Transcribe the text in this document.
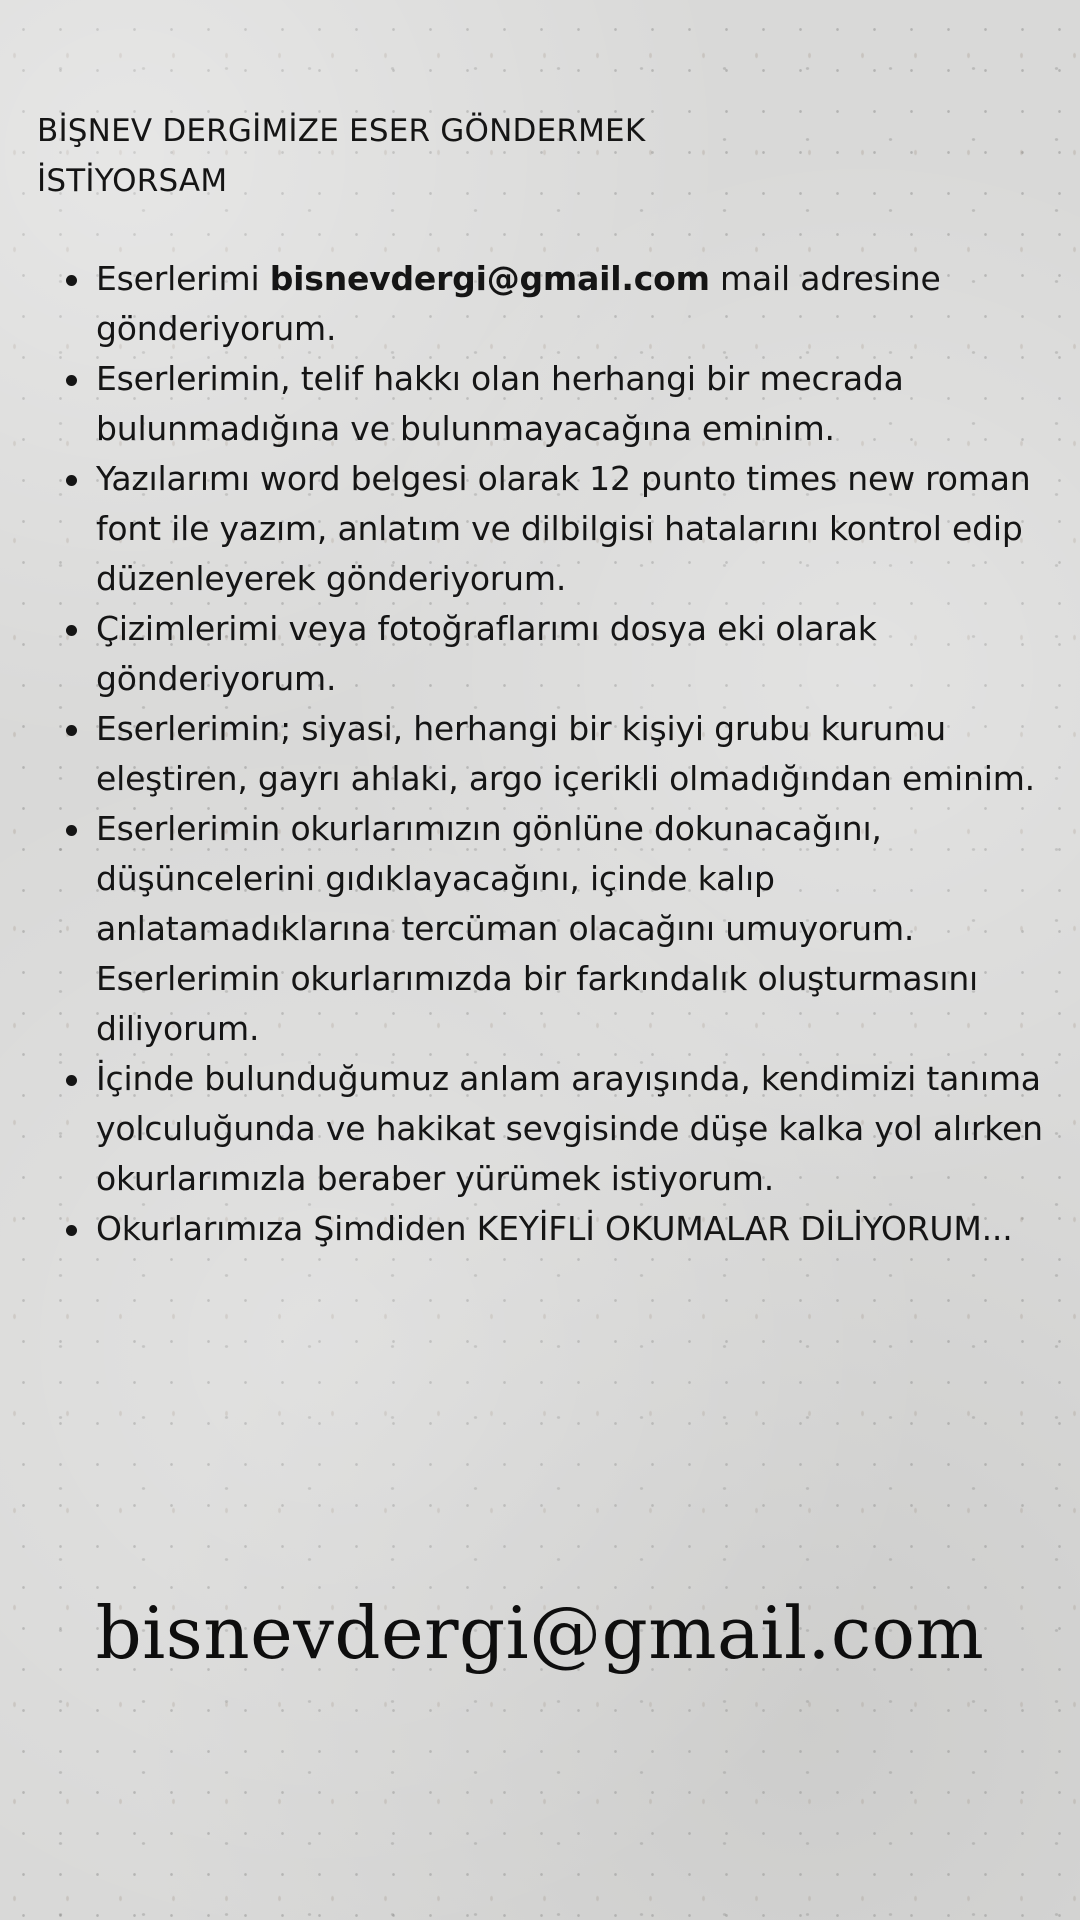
BİŞNEV DERGİMİZE ESER GÖNDERMEK
İSTİYORSAM
Eserlerimi bisnevdergi@gmail.com mail adresine gönderiyorum.
Eserlerimin, telif hakkı olan herhangi bir mecrada bulunmadığına ve bulunmayacağına eminim.
Yazılarımı word belgesi olarak 12 punto times new roman font ile yazım, anlatım ve dilbilgisi hatalarını kontrol edip düzenleyerek gönderiyorum.
Çizimlerimi veya fotoğraflarımı dosya eki olarak gönderiyorum.
Eserlerimin; siyasi, herhangi bir kişiyi grubu kurumu eleştiren, gayrı ahlaki, argo içerikli olmadığından eminim.
Eserlerimin okurlarımızın gönlüne dokunacağını, düşüncelerini gıdıklayacağını, içinde kalıp anlatamadıklarına tercüman olacağını umuyorum. Eserlerimin okurlarımızda bir farkındalık oluşturmasını diliyorum.
İçinde bulunduğumuz anlam arayışında, kendimizi tanıma yolculuğunda ve hakikat sevgisinde düşe kalka yol alırken okurlarımızla beraber yürümek istiyorum.
Okurlarımıza Şimdiden KEYİFLİ OKUMALAR DİLİYORUM...
bisnevdergi@gmail.com
